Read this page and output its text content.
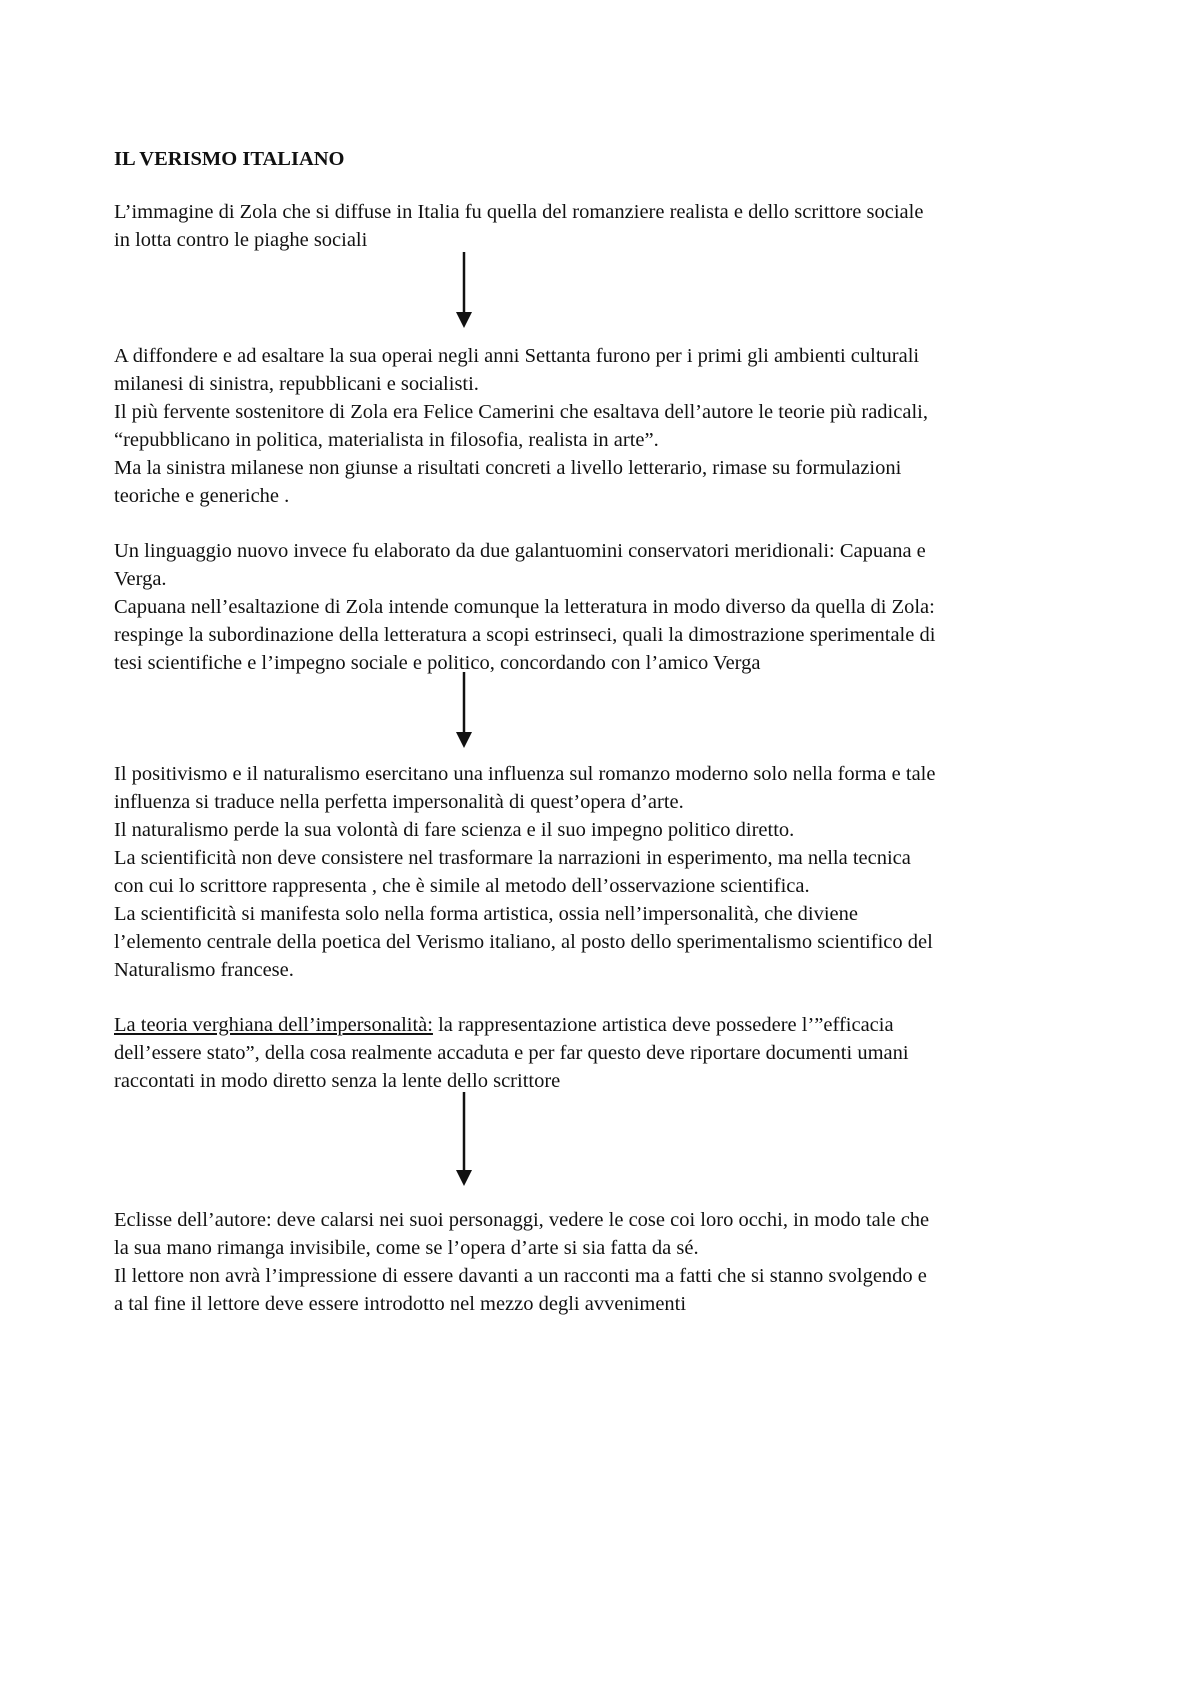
IL VERISMO ITALIANO

L’immagine di Zola che si diffuse in Italia fu quella del romanziere realista e dello scrittore sociale

in lotta contro le piaghe sociali

A diffondere e ad esaltare la sua operai negli anni Settanta furono per i primi gli ambienti culturali

milanesi di sinistra, repubblicani e socialisti.

Il più fervente sostenitore di Zola era Felice Camerini che esaltava dell’autore le teorie più radicali,

“repubblicano in politica, materialista in filosofia, realista in arte”.

Ma la sinistra milanese non giunse a risultati concreti a livello letterario, rimase su formulazioni

teoriche e generiche .

Un linguaggio nuovo invece fu elaborato da due galantuomini conservatori meridionali: Capuana e

Verga.

Capuana nell’esaltazione di Zola intende comunque la letteratura in modo diverso da quella di Zola:

respinge la subordinazione della letteratura a scopi estrinseci, quali la dimostrazione sperimentale di

tesi scientifiche e l’impegno sociale e politico, concordando con l’amico Verga

Il positivismo e il naturalismo esercitano una influenza sul romanzo moderno solo nella forma e tale

influenza si traduce nella perfetta impersonalità di quest’opera d’arte.

Il naturalismo perde la sua volontà di fare scienza e il suo impegno politico diretto.

La scientificità non deve consistere nel trasformare la narrazioni in esperimento, ma nella tecnica

con cui lo scrittore rappresenta , che è simile al metodo dell’osservazione scientifica.

La scientificità si manifesta solo nella forma artistica, ossia nell’impersonalità, che diviene

l’elemento centrale della poetica del Verismo italiano, al posto dello sperimentalismo scientifico del

Naturalismo francese.

La teoria verghiana dell’impersonalità: la rappresentazione artistica deve possedere l’”efficacia

dell’essere stato”, della cosa realmente accaduta e per far questo deve riportare documenti umani

raccontati in modo diretto senza la lente dello scrittore

Eclisse dell’autore: deve calarsi nei suoi personaggi, vedere le cose coi loro occhi, in modo tale che

la sua mano rimanga invisibile, come se l’opera d’arte si sia fatta da sé.

Il lettore non avrà l’impressione di essere davanti a un racconti ma a fatti che si stanno svolgendo e

a tal fine il lettore deve essere introdotto nel mezzo degli avvenimenti
